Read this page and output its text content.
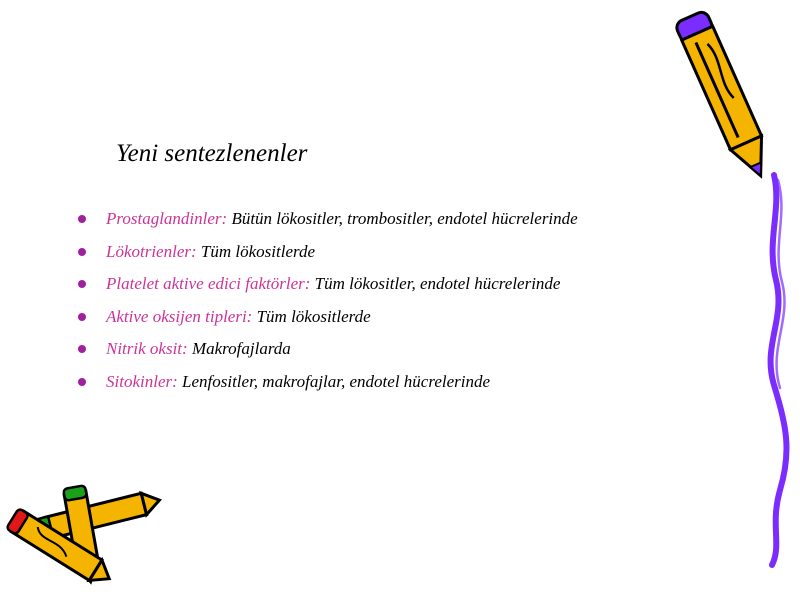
Yeni sentezlenenler
Prostaglandinler: Bütün lökositler, trombositler, endotel hücrelerinde
Lökotrienler: Tüm lökositlerde
Platelet aktive edici faktörler: Tüm lökositler, endotel hücrelerinde
Aktive oksijen tipleri: Tüm lökositlerde
Nitrik oksit: Makrofajlarda
Sitokinler: Lenfositler, makrofajlar, endotel hücrelerinde
